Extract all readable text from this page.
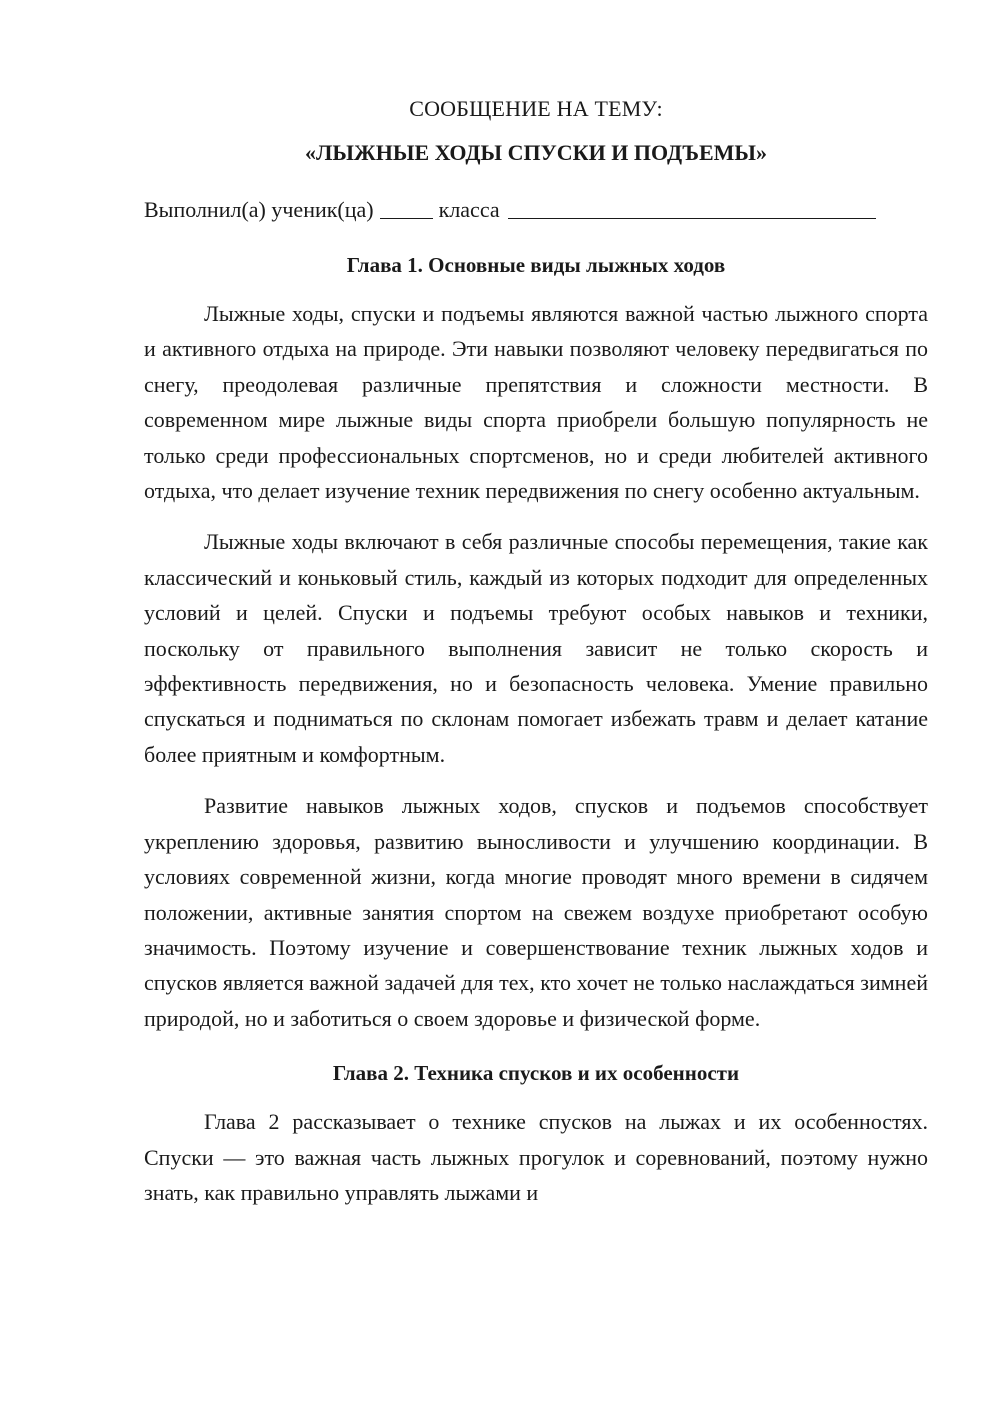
СООБЩЕНИЕ НА ТЕМУ:

«ЛЫЖНЫЕ ХОДЫ СПУСКИ И ПОДЪЕМЫ»

Выполнил(а) ученик(ца)	класса

Глава 1. Основные виды лыжных ходов

Лыжные ходы, спуски и подъемы являются важной частью лыжного спорта и активного отдыха на природе. Эти навыки позволяют человеку передвигаться по снегу, преодолевая различные препятствия и сложности местности. В современном мире лыжные виды спорта приобрели большую популярность не только среди профессиональных спортсменов, но и среди любителей активного отдыха, что делает изучение техник передвижения по снегу особенно актуальным.

Лыжные ходы включают в себя различные способы перемещения, такие как классический и коньковый стиль, каждый из которых подходит для определенных условий и целей. Спуски и подъемы требуют особых навыков и техники, поскольку от правильного выполнения зависит не только скорость и эффективность передвижения, но и безопасность человека. Умение правильно спускаться и подниматься по склонам помогает избежать травм и делает катание более приятным и комфортным.

Развитие навыков лыжных ходов, спусков и подъемов способствует укреплению здоровья, развитию выносливости и улучшению координации. В условиях современной жизни, когда многие проводят много времени в сидячем положении, активные занятия спортом на свежем воздухе приобретают особую значимость. Поэтому изучение и совершенствование техник лыжных ходов и спусков является важной задачей для тех, кто хочет не только наслаждаться зимней природой, но и заботиться о своем здоровье и физической форме.

Глава 2. Техника спусков и их особенности

Глава 2 рассказывает о технике спусков на лыжах и их особенностях. Спуски — это важная часть лыжных прогулок и соревнований, поэтому нужно знать, как правильно управлять лыжами и
